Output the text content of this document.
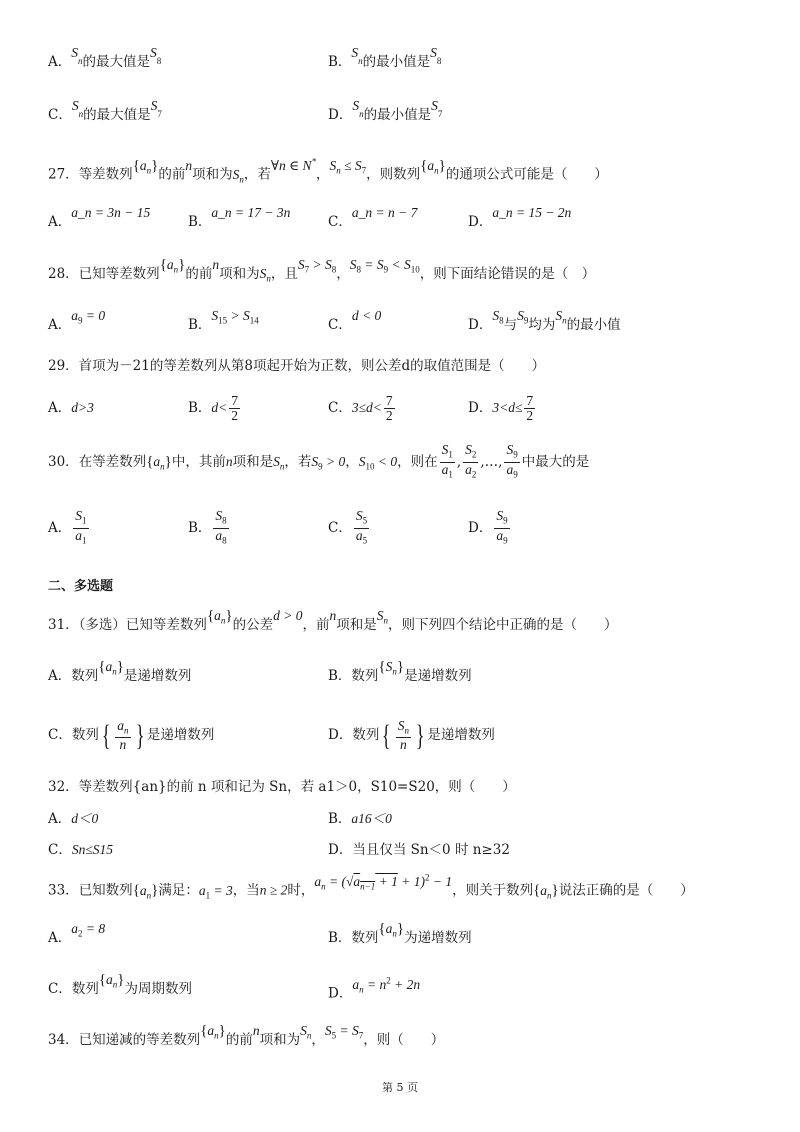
A．$S_n$的最大值是$S_8$	B．$S_n$的最小值是$S_8$
C．$S_n$的最大值是$S_7$	D．$S_n$的最小值是$S_7$
27．等差数列$\{a_n\}$的前n项和为$S_n$，若∀n ∈ N*，$S_n \le S_7$，则数列$\{a_n\}$的通项公式可能是（　　）
A．a_n = 3n − 15
B．a_n = 17 − 3n
C．a_n = n − 7
D．a_n = 15 − 2n
28．已知等差数列$\{a_n\}$的前n项和为$S_n$，且$S_7 > S_8$，$S_8 = S_9 < S_{10}$，则下面结论错误的是（　）
A．$a_9 = 0$
B．$S_{15} > S_{14}$	C．d < 0
D．$S_8$与$S_9$均为$S_n$的最小值
29．首项为－21的等差数列从第8项起开始为正数，则公差d的取值范围是（　　）
A．d>3	B．$d< \frac{7}{2}$	C．$3\le d< \frac{7}{2}$	D．$3<d\le \frac{7}{2}$
30．在等差数列$\{a_n\}$中，其前n项和是$S_n$，若$S_9 > 0$，$S_{10} < 0$，则在 $\frac{S_1}{a_1}$ , $\frac{S_2}{a_2}$ ,…, $\frac{S_9}{a_9}$ 中最大的是
A． $\frac{S_1}{a_1}$	B． $\frac{S_8}{a_8}$	C． $\frac{S_5}{a_5}$	D． $\frac{S_9}{a_9}$
二、多选题
31．（多选）已知等差数列$\{a_n\}$的公差d > 0，前n项和是$S_n$，则下列四个结论中正确的是（　　）
A．数列$\{a_n\}$是递增数列	B．数列$\{S_n\}$是递增数列
C．数列{ $\frac{a_n}{n}$ } 是递增数列	D．数列{ $\frac{S_n}{n}$ } 是递增数列
32．等差数列{an}的前 n 项和记为 Sn，若 a1＞0，S10=S20，则（　　）
A．d＜0	B．a16＜0
C．Sn≤S15	D．当且仅当 Sn＜0 时 n≥32
33．已知数列$\{a_n\}$满足：$a_1 = 3$，当n ≥ 2时，$a_n = (√a_{n-1} + 1 + 1)^2 - 1$，则关于数列$\{a_n\}$说法正确的是（　　）
A．$a_2 = 8$
B．数列$\{a_n\}$为递增数列
C．数列$\{a_n\}$为周期数列	D．$a_n = n^2 + 2n$
34．已知递减的等差数列$\{a_n\}$的前n项和为$S_n$，$S_5 = S_7$，则（　　）
第 5 页
